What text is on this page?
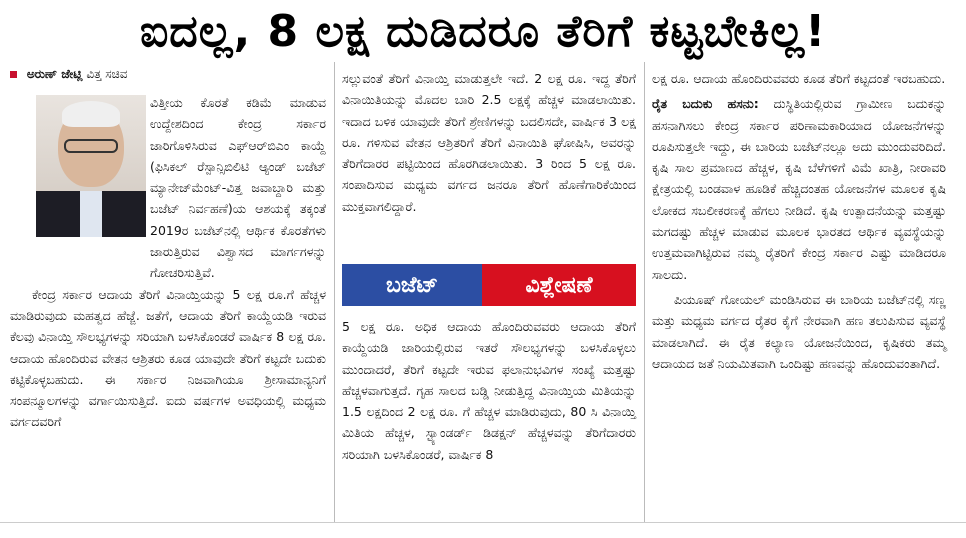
ಐದಲ್ಲ, 8 ಲಕ್ಷ ದುಡಿದರೂ ತೆರಿಗೆ ಕಟ್ಟಬೇಕಿಲ್ಲ!
ಅರುಣ್ ಜೇಟ್ಲಿ ವಿತ್ತ ಸಚಿವ

ವಿತ್ತೀಯ ಕೊರತೆ ಕಡಿಮೆ ಮಾಡುವ ಉದ್ದೇಶದಿಂದ ಕೇಂದ್ರ ಸರ್ಕಾರ ಜಾರಿಗೊಳಿಸಿರುವ ಎಫ್‌ಆರ್‌ಬಿಎಂ ಕಾಯ್ದೆ (ಫಿಸಿಕಲ್ ರೆಸ್ಪಾನ್ಸಿಬಿಲಿಟಿ ಆ್ಯಂಡ್ ಬಜೆಟ್ ಮ್ಯಾನೇಜ್‌ಮೆಂಟ್-ವಿತ್ತ ಜವಾಬ್ದಾರಿ ಮತ್ತು ಬಜೆಟ್ ನಿರ್ವಹಣೆ)ಯ ಆಶಯಕ್ಕೆ ತಕ್ಕಂತೆ 2019ರ ಬಜೆಟ್‌ನಲ್ಲಿ ಆರ್ಥಿಕ ಕೊರತೆಗಳು ಜಾರುತ್ತಿರುವ ವಿಶ್ವಾಸದ ಮಾರ್ಗಗಳನ್ನು ಗೋಚರಿಸುತ್ತಿವೆ.

ಕೇಂದ್ರ ಸರ್ಕಾರ ಆದಾಯ ತೆರಿಗೆ ವಿನಾಯ್ತಿಯನ್ನು 5 ಲಕ್ಷ ರೂ.ಗೆ ಹೆಚ್ಚಳ ಮಾಡಿರುವುದು ಮಹತ್ವದ ಹೆಜ್ಜೆ. ಜತೆಗೆ, ಆದಾಯ ತೆರಿಗೆ ಕಾಯ್ದೆಯಡಿ ಇರುವ ಕೆಲವು ವಿನಾಯ್ತಿ ಸೌಲಭ್ಯಗಳನ್ನು ಸರಿಯಾಗಿ ಬಳಸಿಕೊಂಡರೆ ವಾರ್ಷಿಕ 8 ಲಕ್ಷ ರೂ. ಆದಾಯ ಹೊಂದಿರುವ ವೇತನ ಆಶ್ರಿತರು ಕೂಡ ಯಾವುದೇ ತೆರಿಗೆ ಕಟ್ಟದೇ ಬದುಕು ಕಟ್ಟಿಕೊಳ್ಳಬಹುದು. ಈ ಸರ್ಕಾರ ನಿಜವಾಗಿಯೂ ಶ್ರೀಸಾಮಾನ್ಯನಿಗೆ ಸಂಪನ್ಮೂಲಗಳನ್ನು ವರ್ಗಾಯಿಸುತ್ತಿದೆ. ಐದು ವರ್ಷಗಳ ಅವಧಿಯಲ್ಲಿ ಮಧ್ಯಮ ವರ್ಗದವರಿಗೆ

ಸಲ್ಲುವಂತೆ ತೆರಿಗೆ ವಿನಾಯ್ತಿ ಮಾಡುತ್ತಲೇ ಇದೆ. 2 ಲಕ್ಷ ರೂ. ಇದ್ದ ತೆರಿಗೆ ವಿನಾಯಿತಿಯನ್ನು ಮೊದಲ ಬಾರಿ 2.5 ಲಕ್ಷಕ್ಕೆ ಹೆಚ್ಚಳ ಮಾಡಲಾಯಿತು. ಇದಾದ ಬಳಿಕ ಯಾವುದೇ ತೆರಿಗೆ ಶ್ರೇಣಿಗಳನ್ನು ಬದಲಿಸದೇ, ವಾರ್ಷಿಕ 3 ಲಕ್ಷ ರೂ. ಗಳಿಸುವ ವೇತನ ಆಶ್ರಿತರಿಗೆ ತೆರಿಗೆ ವಿನಾಯಿತಿ ಘೋಷಿಸಿ, ಅವರನ್ನು ತೆರಿಗೆದಾರರ ಪಟ್ಟಿಯಿಂದ ಹೊರಗಿಡಲಾಯಿತು. 3 ರಿಂದ 5 ಲಕ್ಷ ರೂ. ಸಂಪಾದಿಸುವ ಮಧ್ಯಮ ವರ್ಗದ ಜನರೂ ತೆರಿಗೆ ಹೊಣೆಗಾರಿಕೆಯಿಂದ ಮುಕ್ತವಾಗಲಿದ್ದಾರೆ.

ಬಜೆಟ್	ವಿಶ್ಲೇಷಣೆ

5 ಲಕ್ಷ ರೂ. ಅಧಿಕ ಆದಾಯ ಹೊಂದಿರುವವರು ಆದಾಯ ತೆರಿಗೆ ಕಾಯ್ದೆಯಡಿ ಜಾರಿಯಲ್ಲಿರುವ ಇತರೆ ಸೌಲಭ್ಯಗಳನ್ನು ಬಳಸಿಕೊಳ್ಳಲು ಮುಂದಾದರೆ, ತೆರಿಗೆ ಕಟ್ಟದೇ ಇರುವ ಫಲಾನುಭವಿಗಳ ಸಂಖ್ಯೆ ಮತ್ತಷ್ಟು ಹೆಚ್ಚಳವಾಗುತ್ತದೆ. ಗೃಹ ಸಾಲದ ಬಡ್ಡಿ ನೀಡುತ್ತಿದ್ದ ವಿನಾಯ್ತಿಯ ಮಿತಿಯನ್ನು 1.5 ಲಕ್ಷದಿಂದ 2 ಲಕ್ಷ ರೂ. ಗೆ ಹೆಚ್ಚಳ ಮಾಡಿರುವುದು, 80 ಸಿ ವಿನಾಯ್ತಿ ಮಿತಿಯ ಹೆಚ್ಚಳ, ಸ್ಟ್ಯಾಂಡರ್ಡ್ ಡಿಡಕ್ಷನ್ ಹೆಚ್ಚಳವನ್ನು ತೆರಿಗೆದಾರರು ಸರಿಯಾಗಿ ಬಳಸಿಕೊಂಡರೆ, ವಾರ್ಷಿಕ 8

ಲಕ್ಷ ರೂ. ಆದಾಯ ಹೊಂದಿರುವವರು ಕೂಡ ತೆರಿಗೆ ಕಟ್ಟದಂತೆ ಇರಬಹುದು.

ರೈತ ಬದುಕು ಹಸನು: ದುಸ್ಥಿತಿಯಲ್ಲಿರುವ ಗ್ರಾಮೀಣ ಬದುಕನ್ನು ಹಸನಾಗಿಸಲು ಕೇಂದ್ರ ಸರ್ಕಾರ ಪರಿಣಾಮಕಾರಿಯಾದ ಯೋಜನೆಗಳನ್ನು ರೂಪಿಸುತ್ತಲೇ ಇದ್ದು, ಈ ಬಾರಿಯ ಬಜೆಟ್‌ನಲ್ಲೂ ಅದು ಮುಂದುವರಿದಿದೆ. ಕೃಷಿ ಸಾಲ ಪ್ರಮಾಣದ ಹೆಚ್ಚಳ, ಕೃಷಿ ಬೆಳೆಗಳಿಗೆ ವಿಮೆ ಖಾತ್ರಿ, ನೀರಾವರಿ ಕ್ಷೇತ್ರಯಲ್ಲಿ ಬಂಡವಾಳ ಹೂಡಿಕೆ ಹೆಚ್ಚಿದಂತಹ ಯೋಜನೆಗಳ ಮೂಲಕ ಕೃಷಿ ಲೋಕದ ಸಬಲೀಕರಣಕ್ಕೆ ಹೆಗಲು ನೀಡಿದೆ. ಕೃಷಿ ಉತ್ಪಾದನೆಯನ್ನು ಮತ್ತಷ್ಟು ಮಗದಷ್ಟು ಹೆಚ್ಚಳ ಮಾಡುವ ಮೂಲಕ ಭಾರತದ ಆರ್ಥಿಕ ವ್ಯವಸ್ಥೆಯನ್ನು ಉತ್ತಮವಾಗಿಟ್ಟಿರುವ ನಮ್ಮ ರೈತರಿಗೆ ಕೇಂದ್ರ ಸರ್ಕಾರ ಎಷ್ಟು ಮಾಡಿದರೂ ಸಾಲದು.

ಪಿಯೂಷ್ ಗೋಯಲ್ ಮಂಡಿಸಿರುವ ಈ ಬಾರಿಯ ಬಜೆಟ್‌ನಲ್ಲಿ ಸಣ್ಣ ಮತ್ತು ಮಧ್ಯಮ ವರ್ಗದ ರೈತರ ಕೈಗೆ ನೇರವಾಗಿ ಹಣ ತಲುಪಿಸುವ ವ್ಯವಸ್ಥೆ ಮಾಡಲಾಗಿದೆ. ಈ ರೈತ ಕಲ್ಯಾಣ ಯೋಜನೆಯಿಂದ, ಕೃಷಿಕರು ತಮ್ಮ ಆದಾಯದ ಜತೆ ನಿಯಮಿತವಾಗಿ ಒಂದಿಷ್ಟು ಹಣವನ್ನು ಹೊಂದುವಂತಾಗಿದೆ.
